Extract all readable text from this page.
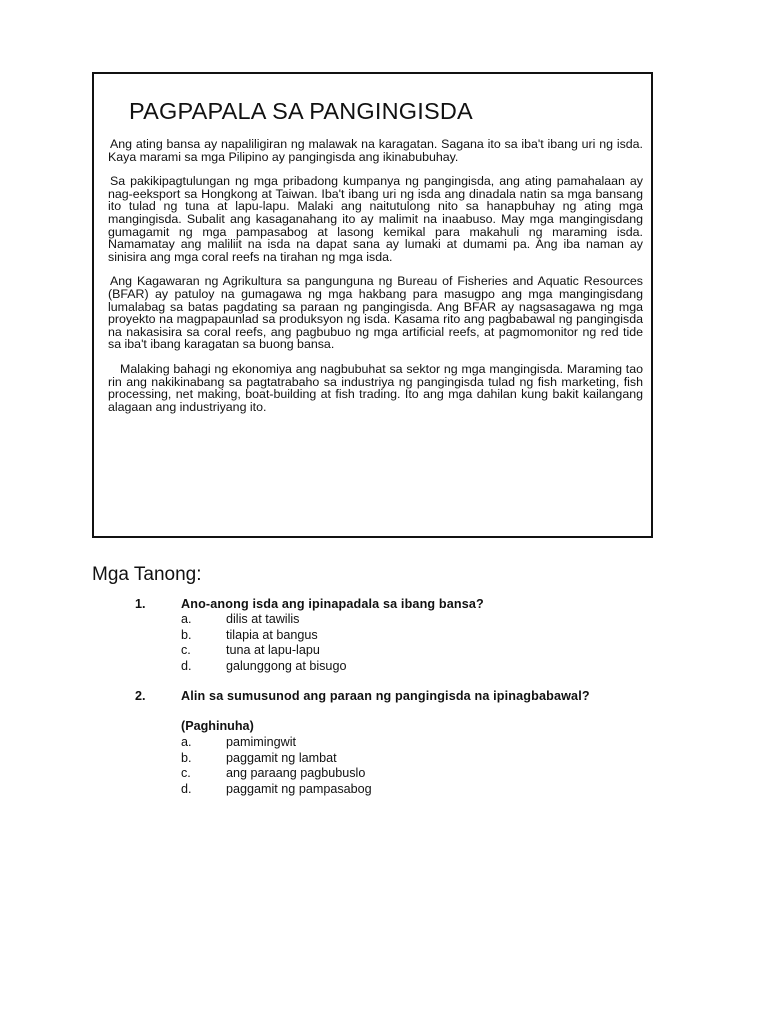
PAGPAPALA SA PANGINGISDA

Ang ating bansa ay napaliligiran ng malawak na karagatan. Sagana ito sa iba't ibang uri ng isda. Kaya marami sa mga Pilipino ay pangingisda ang ikinabubuhay.

Sa pakikipagtulungan ng mga pribadong kumpanya ng pangingisda, ang ating pamahalaan ay nag-eeksport sa Hongkong at Taiwan. Iba't ibang uri ng isda ang dinadala natin sa mga bansang ito tulad ng tuna at lapu-lapu. Malaki ang naitutulong nito sa hanapbuhay ng ating mga mangingisda. Subalit ang kasaganahang ito ay malimit na inaabuso. May mga mangingisdang gumagamit ng mga pampasabog at lasong kemikal para makahuli ng maraming isda. Namamatay ang maliliit na isda na dapat sana ay lumaki at dumami pa. Ang iba naman ay sinisira ang mga coral reefs na tirahan ng mga isda.

Ang Kagawaran ng Agrikultura sa pangunguna ng Bureau of Fisheries and Aquatic Resources (BFAR) ay patuloy na gumagawa ng mga hakbang para masugpo ang mga mangingisdang lumalabag sa batas pagdating sa paraan ng pangingisda. Ang BFAR ay nagsasagawa ng mga proyekto na magpapaunlad sa produksyon ng isda. Kasama rito ang pagbabawal ng pangingisda na nakasisira sa coral reefs, ang pagbubuo ng mga artificial reefs, at pagmomonitor ng red tide sa iba't ibang karagatan sa buong bansa.

Malaking bahagi ng ekonomiya ang nagbubuhat sa sektor ng mga mangingisda. Maraming tao rin ang nakikinabang sa pagtatrabaho sa industriya ng pangingisda tulad ng fish marketing, fish processing, net making, boat-building at fish trading. Ito ang mga dahilan kung bakit kailangang alagaan ang industriyang ito.

Mga Tanong:
1.	Ano-anong isda ang ipinapadala sa ibang bansa?
a.	dilis at tawilis
b.	tilapia at bangus
c.	tuna at lapu-lapu
d.	galunggong at bisugo
2.	Alin sa sumusunod ang paraan ng pangingisda na ipinagbabawal?
(Paghinuha)
a.	pamimingwit
b.	paggamit ng lambat
c.	ang paraang pagbubuslo
d.	paggamit ng pampasabog
